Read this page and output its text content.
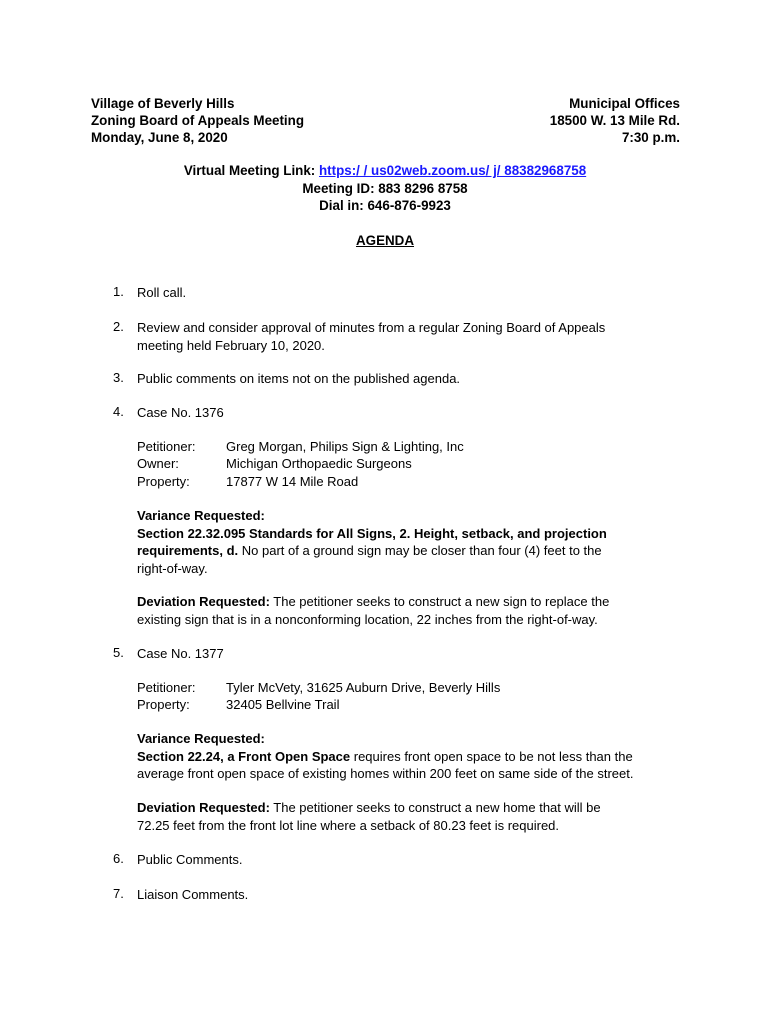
Village of Beverly Hills
Zoning Board of Appeals Meeting
Monday, June 8, 2020
Municipal Offices
18500 W. 13 Mile Rd.
7:30 p.m.
Virtual Meeting Link: https:/ / us02web.zoom.us/ j/ 88382968758
Meeting ID: 883 8296 8758
Dial in: 646-876-9923
AGENDA
1. Roll call.
2. Review and consider approval of minutes from a regular Zoning Board of Appeals
meeting held February 10, 2020.
3. Public comments on items not on the published agenda.
4. Case No. 1376
Petitioner: Greg Morgan, Philips Sign & Lighting, Inc
Owner:	Michigan Orthopaedic Surgeons
Property:	17877 W 14 Mile Road
Variance Requested:
Section 22.32.095 Standards for All Signs, 2. Height, setback, and projection
requirements, d. No part of a ground sign may be closer than four (4) feet to the
right-of-way.
Deviation Requested: The petitioner seeks to construct a new sign to replace the
existing sign that is in a nonconforming location, 22 inches from the right-of-way.
5. Case No. 1377
Petitioner: Tyler McVety, 31625 Auburn Drive, Beverly Hills
Property:	32405 Bellvine Trail
Variance Requested:
Section 22.24, a Front Open Space requires front open space to be not less than the
average front open space of existing homes within 200 feet on same side of the street.
Deviation Requested: The petitioner seeks to construct a new home that will be
72.25 feet from the front lot line where a setback of 80.23 feet is required.
6. Public Comments.
7. Liaison Comments.
